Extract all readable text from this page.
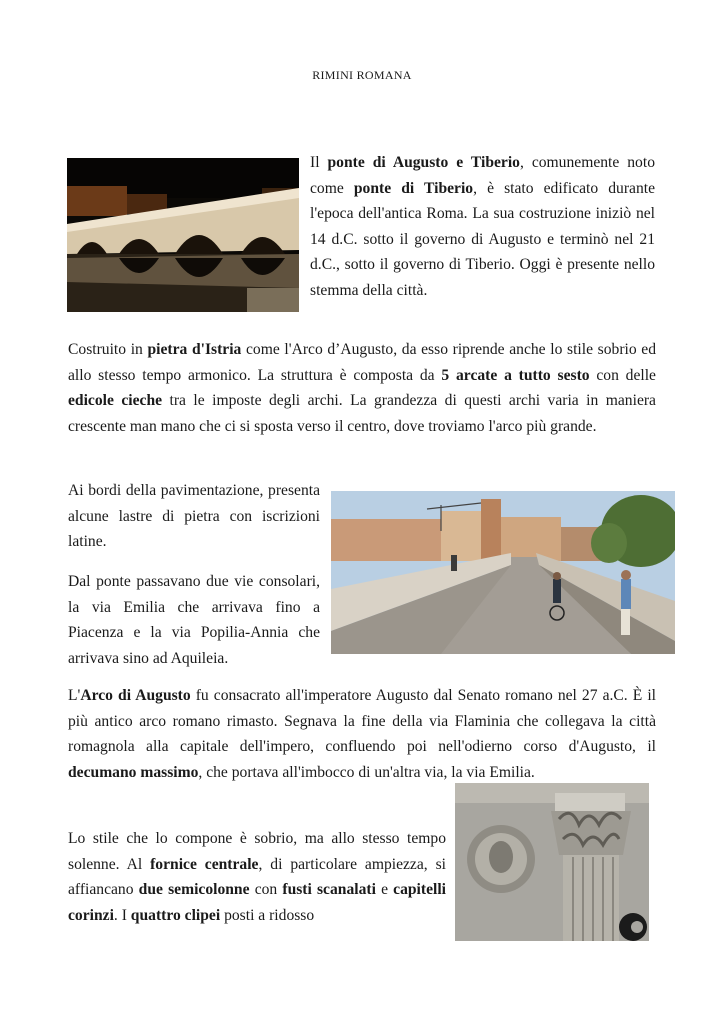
RIMINI ROMANA

Il ponte di Augusto e Tiberio, comunemente noto come ponte di Tiberio, è stato edificato durante l'epoca dell'antica Roma. La sua costruzione iniziò nel 14 d.C. sotto il governo di Augusto e terminò nel 21 d.C., sotto il governo di Tiberio. Oggi è presente nello stemma della città.

Costruito in pietra d'Istria come l'Arco d’Augusto, da esso riprende anche lo stile sobrio ed allo stesso tempo armonico. La struttura è composta da 5 arcate a tutto sesto con delle edicole cieche tra le imposte degli archi. La grandezza di questi archi varia in maniera crescente man mano che ci si sposta verso il centro, dove troviamo l'arco più grande.

Ai bordi della pavimentazione, presenta alcune lastre di pietra con iscrizioni latine.

Dal ponte passavano due vie consolari, la via Emilia che arrivava fino a Piacenza e la via Popilia-Annia che arrivava sino ad Aquileia.

L'Arco di Augusto fu consacrato all'imperatore Augusto dal Senato romano nel 27 a.C. È il più antico arco romano rimasto. Segnava la fine della via Flaminia che collegava la città romagnola alla capitale dell'impero, confluendo poi nell'odierno corso d'Augusto, il decumano massimo, che portava all'imbocco di un'altra via, la via Emilia.

Lo stile che lo compone è sobrio, ma allo stesso tempo solenne. Al fornice centrale, di particolare ampiezza, si affiancano due semicolonne con fusti scanalati e capitelli corinzi. I quattro clipei posti a ridosso
